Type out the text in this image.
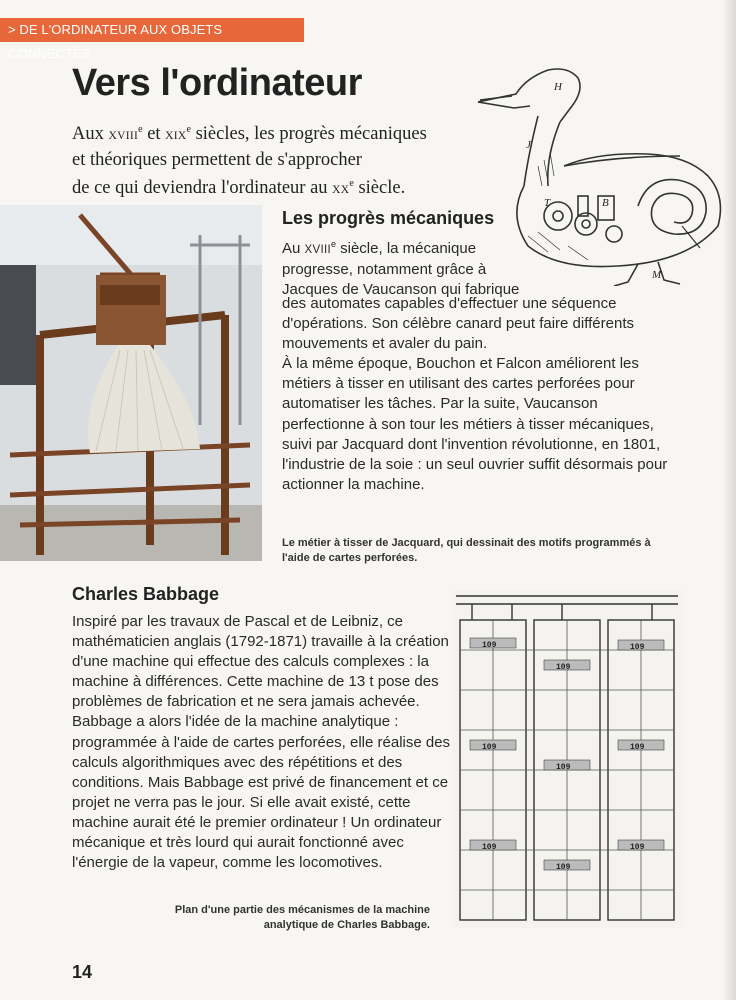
> DE L'ORDINATEUR AUX OBJETS CONNECTÉS
Vers l'ordinateur
Aux XVIIIe et XIXe siècles, les progrès mécaniques
et théoriques permettent de s'approcher
de ce qui deviendra l'ordinateur au XXe siècle.
H
J
T	B
M
Les progrès mécaniques
Au XVIIIe siècle, la mécanique progresse, notamment grâce à Jacques de Vaucanson qui fabrique
des automates capables d'effectuer une séquence d'opérations. Son célèbre canard peut faire différents mouvements et avaler du pain.
À la même époque, Bouchon et Falcon améliorent les métiers à tisser en utilisant des cartes perforées pour automatiser les tâches. Par la suite, Vaucanson perfectionne à son tour les métiers à tisser mécaniques, suivi par Jacquard dont l'invention révolutionne, en 1801, l'industrie de la soie : un seul ouvrier suffit désormais pour actionner la machine.
Le métier à tisser de Jacquard, qui dessinait des motifs programmés à l'aide de cartes perforées.
Charles Babbage
Inspiré par les travaux de Pascal et de Leibniz, ce mathématicien anglais (1792-1871) travaille à la création d'une machine qui effectue des calculs complexes : la machine à différences. Cette machine de 13 t pose des problèmes de fabrication et ne sera jamais achevée. Babbage a alors l'idée de la machine analytique : programmée à l'aide de cartes perforées, elle réalise des calculs algorithmiques avec des répétitions et des conditions. Mais Babbage est privé de financement et ce projet ne verra pas le jour. Si elle avait existé, cette machine aurait été le premier ordinateur ! Un ordinateur mécanique et très lourd qui aurait fonctionné avec l'énergie de la vapeur, comme les locomotives.
109
109
109
109
109
109
109
109
109
Plan d'une partie des mécanismes de la machine analytique de Charles Babbage.
14
